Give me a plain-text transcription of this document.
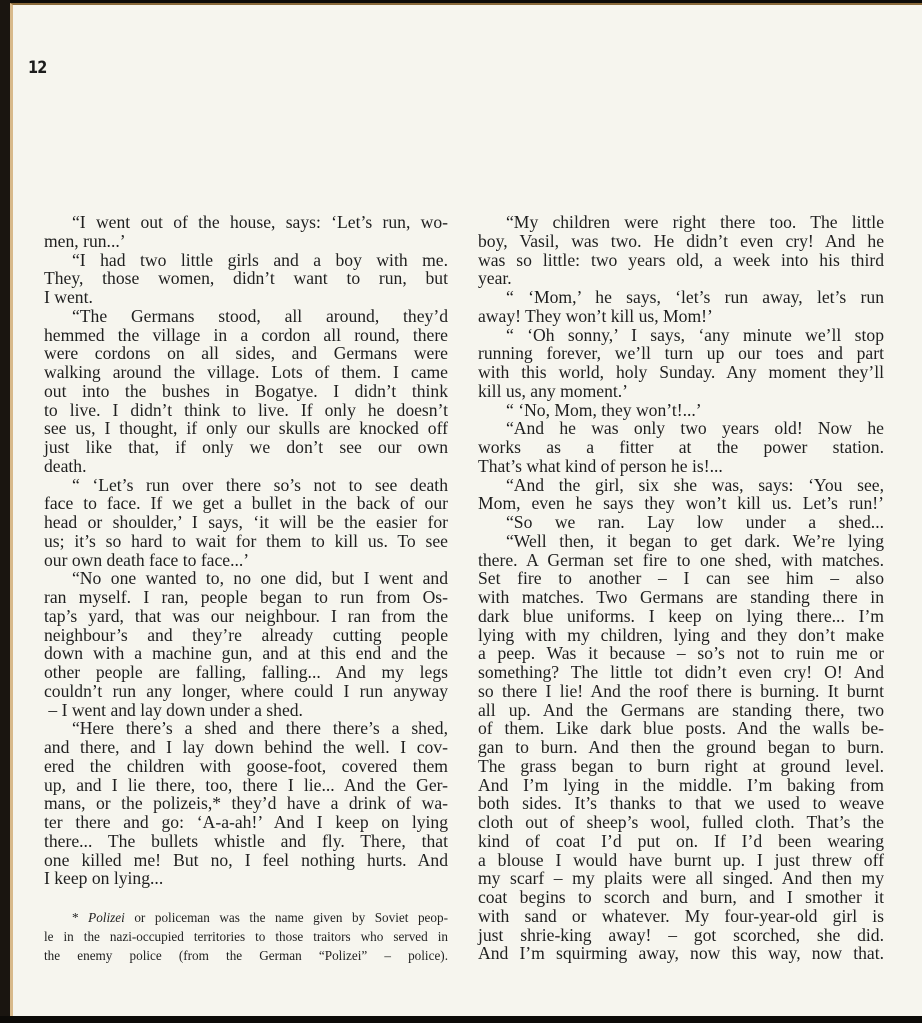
12
“I went out of the house, says: ‘Let’s run, wo-
men, run...’
“I had two little girls and a boy with me.
They, those women, didn’t want to run, but
I went.
“The Germans stood, all around, they’d
hemmed the village in a cordon all round, there
were cordons on all sides, and Germans were
walking around the village. Lots of them. I came
out into the bushes in Bogatye. I didn’t think
to live. I didn’t think to live. If only he doesn’t
see us, I thought, if only our skulls are knocked off
just like that, if only we don’t see our own
death.
“ ‘Let’s run over there so’s not to see death
face to face. If we get a bullet in the back of our
head or shoulder,’ I says, ‘it will be the easier for
us; it’s so hard to wait for them to kill us. To see
our own death face to face...’
“No one wanted to, no one did, but I went and
ran myself. I ran, people began to run from Os-
tap’s yard, that was our neighbour. I ran from the
neighbour’s and they’re already cutting people
down with a machine gun, and at this end and the
other people are falling, falling... And my legs
couldn’t run any longer, where could I run anyway
– I went and lay down under a shed.
“Here there’s a shed and there there’s a shed,
and there, and I lay down behind the well. I cov-
ered the children with goose-foot, covered them
up, and I lie there, too, there I lie... And the Ger-
mans, or the polizeis,* they’d have a drink of wa-
ter there and go: ‘A-a-ah!’ And I keep on lying
there... The bullets whistle and fly. There, that
one killed me! But no, I feel nothing hurts. And
I keep on lying...
“My children were right there too. The little
boy, Vasil, was two. He didn’t even cry! And he
was so little: two years old, a week into his third
year.
“ ‘Mom,’ he says, ‘let’s run away, let’s run
away! They won’t kill us, Mom!’
“ ‘Oh sonny,’ I says, ‘any minute we’ll stop
running forever, we’ll turn up our toes and part
with this world, holy Sunday. Any moment they’ll
kill us, any moment.’
“ ‘No, Mom, they won’t!...’
“And he was only two years old! Now he
works as a fitter at the power station.
That’s what kind of person he is!...
“And the girl, six she was, says: ‘You see,
Mom, even he says they won’t kill us. Let’s run!’
“So we ran. Lay low under a shed...
“Well then, it began to get dark. We’re lying
there. A German set fire to one shed, with matches.
Set fire to another – I can see him – also
with matches. Two Germans are standing there in
dark blue uniforms. I keep on lying there... I’m
lying with my children, lying and they don’t make
a peep. Was it because – so’s not to ruin me or
something? The little tot didn’t even cry! O! And
so there I lie! And the roof there is burning. It burnt
all up. And the Germans are standing there, two
of them. Like dark blue posts. And the walls be-
gan to burn. And then the ground began to burn.
The grass began to burn right at ground level.
And I’m lying in the middle. I’m baking from
both sides. It’s thanks to that we used to weave
cloth out of sheep’s wool, fulled cloth. That’s the
kind of coat I’d put on. If I’d been wearing
a blouse I would have burnt up. I just threw off
my scarf – my plaits were all singed. And then my
coat begins to scorch and burn, and I smother it
with sand or whatever. My four-year-old girl is
just shrie-king away! – got scorched, she did.
And I’m squirming away, now this way, now that.
* Polizei or policeman was the name given by Soviet peop-
le in the nazi-occupied territories to those traitors who served in
the enemy police (from the German “Polizei” – police).
